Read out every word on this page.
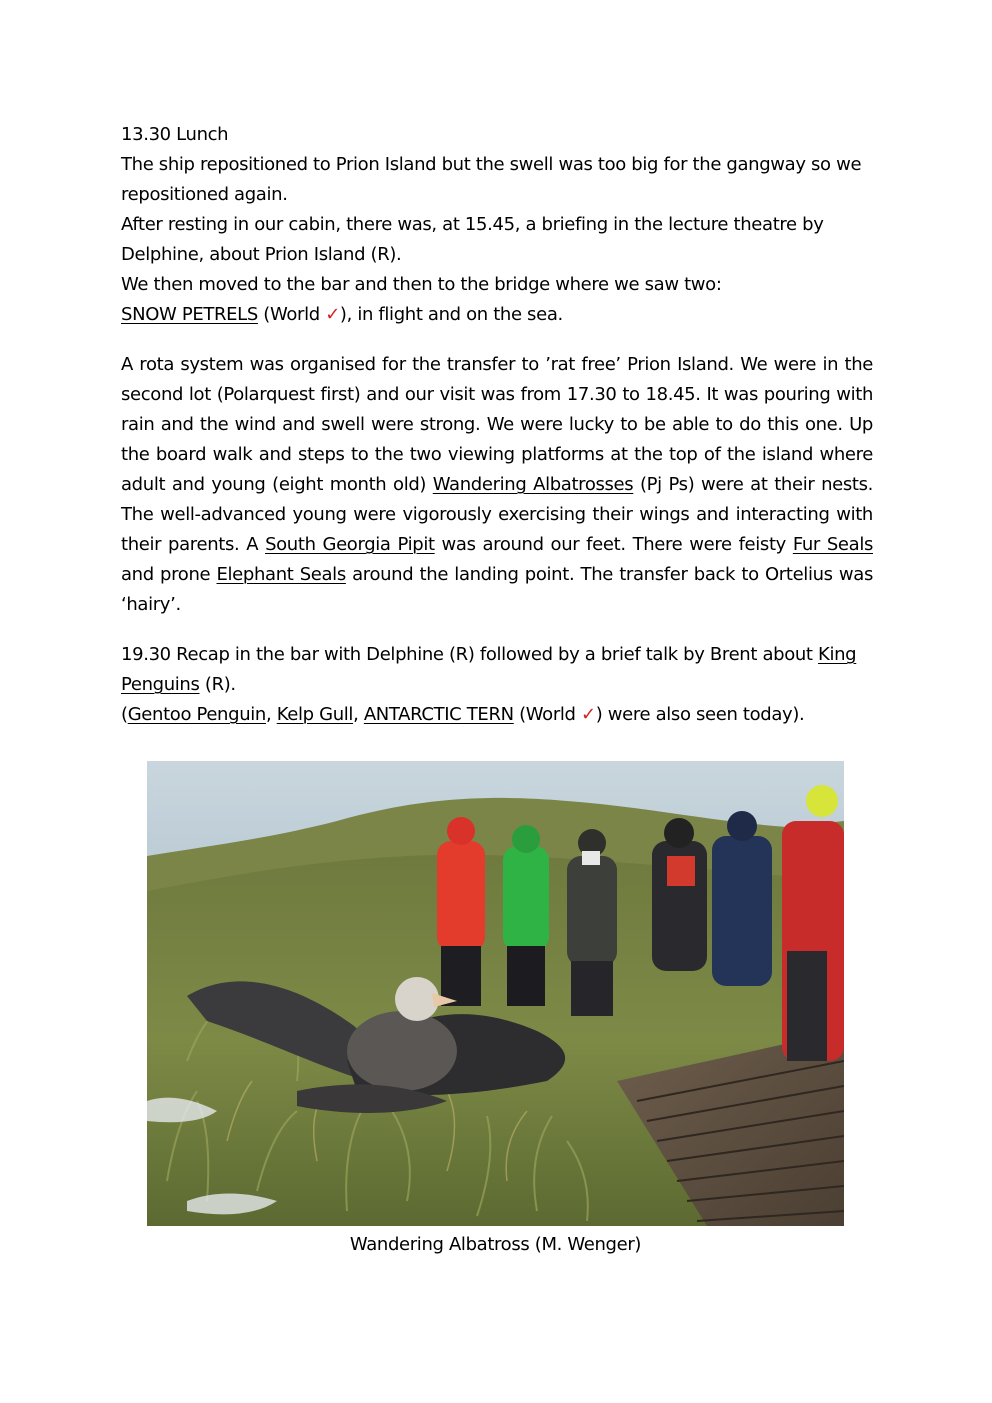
13.30 Lunch

The ship repositioned to Prion Island but the swell was too big for the gangway so we repositioned again.

After resting in our cabin, there was, at 15.45, a briefing in the lecture theatre by Delphine, about Prion Island (R).

We then moved to the bar and then to the bridge where we saw two:

SNOW PETRELS (World ✓), in flight and on the sea.

A rota system was organised for the transfer to ’rat free’ Prion Island. We were in the second lot (Polarquest first) and our visit was from 17.30 to 18.45. It was pouring with rain and the wind and swell were strong. We were lucky to be able to do this one. Up the board walk and steps to the two viewing platforms at the top of the island where adult and young (eight month old) Wandering Albatrosses (Pj Ps) were at their nests. The well-advanced young were vigorously exercising their wings and interacting with their parents. A South Georgia Pipit was around our feet. There were feisty Fur Seals and prone Elephant Seals around the landing point. The transfer back to Ortelius was ‘hairy’.

19.30 Recap in the bar with Delphine (R) followed by a brief talk by Brent about King Penguins (R).

(Gentoo Penguin, Kelp Gull, ANTARCTIC TERN (World ✓) were also seen today).

Wandering Albatross (M. Wenger)
